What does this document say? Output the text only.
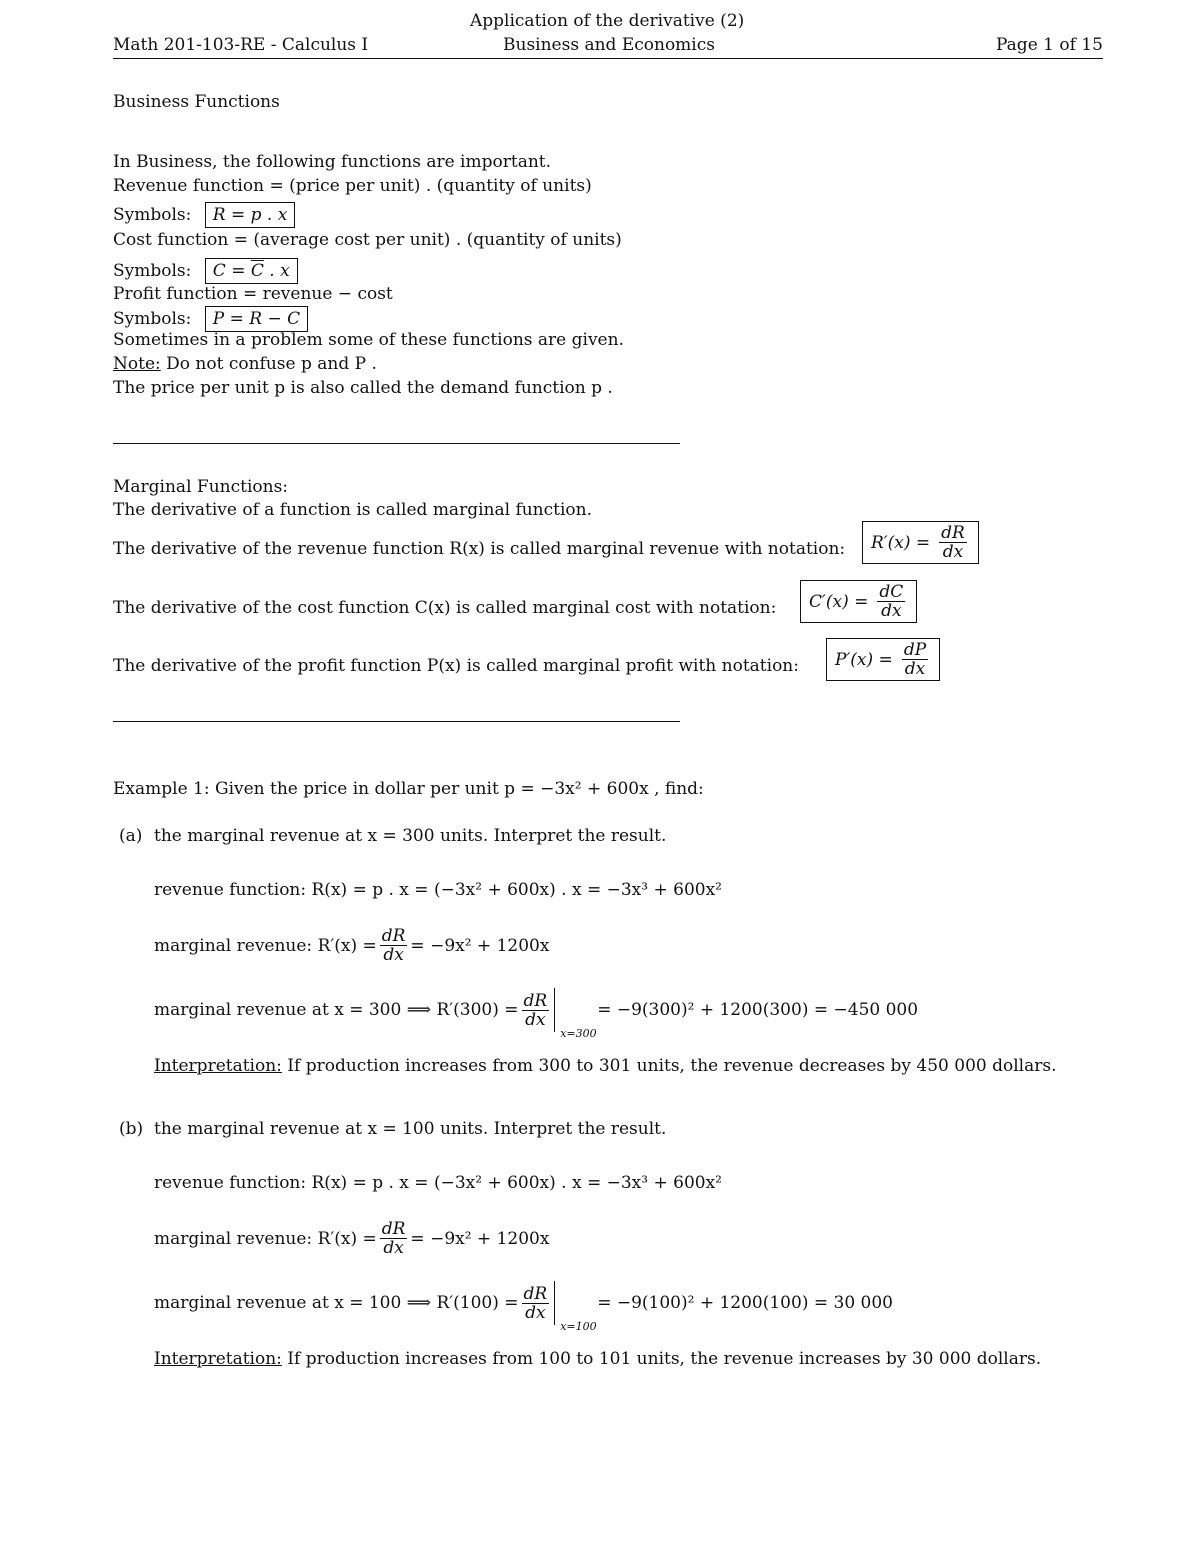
Application of the derivative (2)
Math 201-103-RE - Calculus I	Business and Economics	Page 1 of 15
Business Functions
In Business, the following functions are important.
Revenue function = (price per unit) . (quantity of units)
Symbols: R = p . x
Cost function = (average cost per unit) . (quantity of units)
Symbols: $C = \overline{C}$ . x
Profit function = revenue − cost
Symbols: P = R − C
Sometimes in a problem some of these functions are given.
Note: Do not confuse p and P .
The price per unit p is also called the demand function p .
Marginal Functions:
The derivative of a function is called marginal function.
The derivative of the revenue function R(x) is called marginal revenue with notation: $R'(x) = \frac{dR}{dx}$
The derivative of the cost function C(x) is called marginal cost with notation: $C'(x) = \frac{dC}{dx}$
The derivative of the profit function P(x) is called marginal profit with notation: $P'(x) = \frac{dP}{dx}$
Example 1: Given the price in dollar per unit p = −3x² + 600x , find:
(a) the marginal revenue at x = 300 units. Interpret the result.
revenue function: R(x) = p . x = (−3x² + 600x) . x = −3x³ + 600x²
marginal revenue: $R'(x) = \frac{dR}{dx} = -9x^2 + 1200x$
marginal revenue at x = 300 ⟹ $R'(300) = \frac{dR}{dx}$
x=300
= −9(300)² + 1200(300) = −450 000
Interpretation: If production increases from 300 to 301 units, the revenue decreases by 450 000 dollars.
(b) the marginal revenue at x = 100 units. Interpret the result.
revenue function: R(x) = p . x = (−3x² + 600x) . x = −3x³ + 600x²
marginal revenue: $R'(x) = \frac{dR}{dx} = -9x^2 + 1200x$
marginal revenue at x = 100 ⟹ $R'(100) = \frac{dR}{dx}$
x=100
= −9(100)² + 1200(100) = 30 000
Interpretation: If production increases from 100 to 101 units, the revenue increases by 30 000 dollars.
